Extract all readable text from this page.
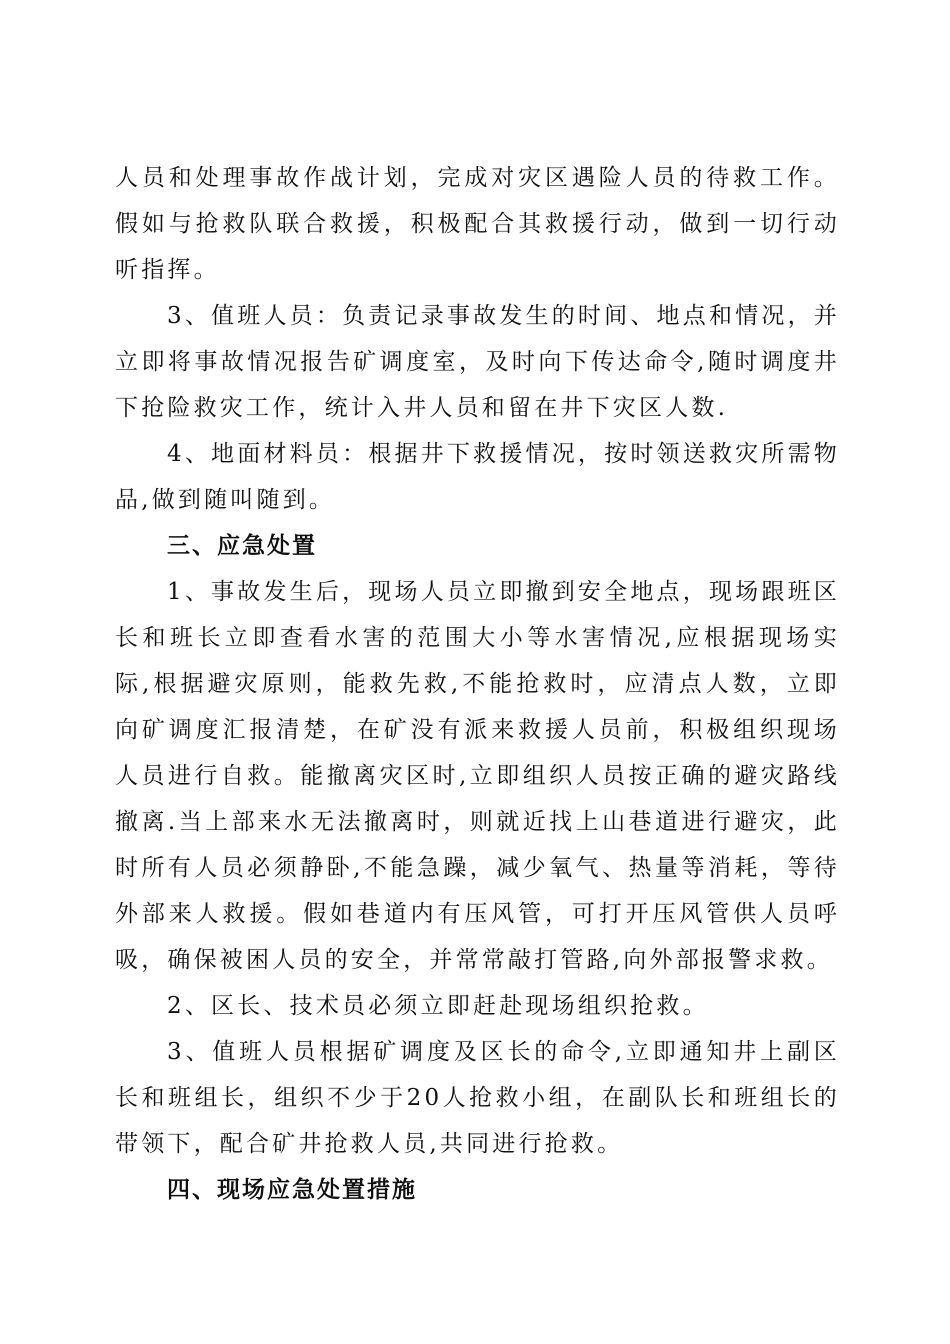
人员和处理事故作战计划，完成对灾区遇险人员的待救工作。假如与抢救队联合救援，积极配合其救援行动，做到一切行动听指挥。

3、值班人员：负责记录事故发生的时间、地点和情况，并立即将事故情况报告矿调度室，及时向下传达命令,随时调度井下抢险救灾工作，统计入井人员和留在井下灾区人数.

4、地面材料员：根据井下救援情况，按时领送救灾所需物品,做到随叫随到。

三、应急处置

1、事故发生后，现场人员立即撤到安全地点，现场跟班区长和班长立即查看水害的范围大小等水害情况,应根据现场实际,根据避灾原则，能救先救,不能抢救时，应清点人数，立即向矿调度汇报清楚，在矿没有派来救援人员前，积极组织现场人员进行自救。能撤离灾区时,立即组织人员按正确的避灾路线撤离.当上部来水无法撤离时，则就近找上山巷道进行避灾，此时所有人员必须静卧,不能急躁，减少氧气、热量等消耗，等待外部来人救援。假如巷道内有压风管，可打开压风管供人员呼吸，确保被困人员的安全，并常常敲打管路,向外部报警求救。

2、区长、技术员必须立即赶赴现场组织抢救。

3、值班人员根据矿调度及区长的命令,立即通知井上副区长和班组长，组织不少于20人抢救小组，在副队长和班组长的带领下，配合矿井抢救人员,共同进行抢救。

四、现场应急处置措施
